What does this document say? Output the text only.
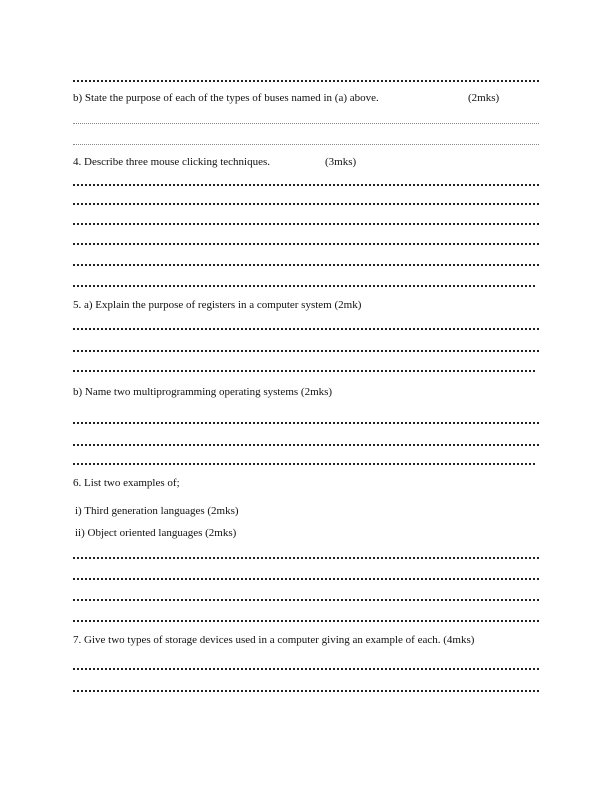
b) State the purpose of each of the types of buses named in (a) above.	(2mks)
4. Describe three mouse clicking techniques.	(3mks)
5. a) Explain the purpose of registers in a computer system (2mk)
b) Name two multiprogramming operating systems (2mks)
6. List two examples of;
i) Third generation languages (2mks)
ii) Object oriented languages (2mks)
7. Give two types of storage devices used in a computer giving an example of each. (4mks)
